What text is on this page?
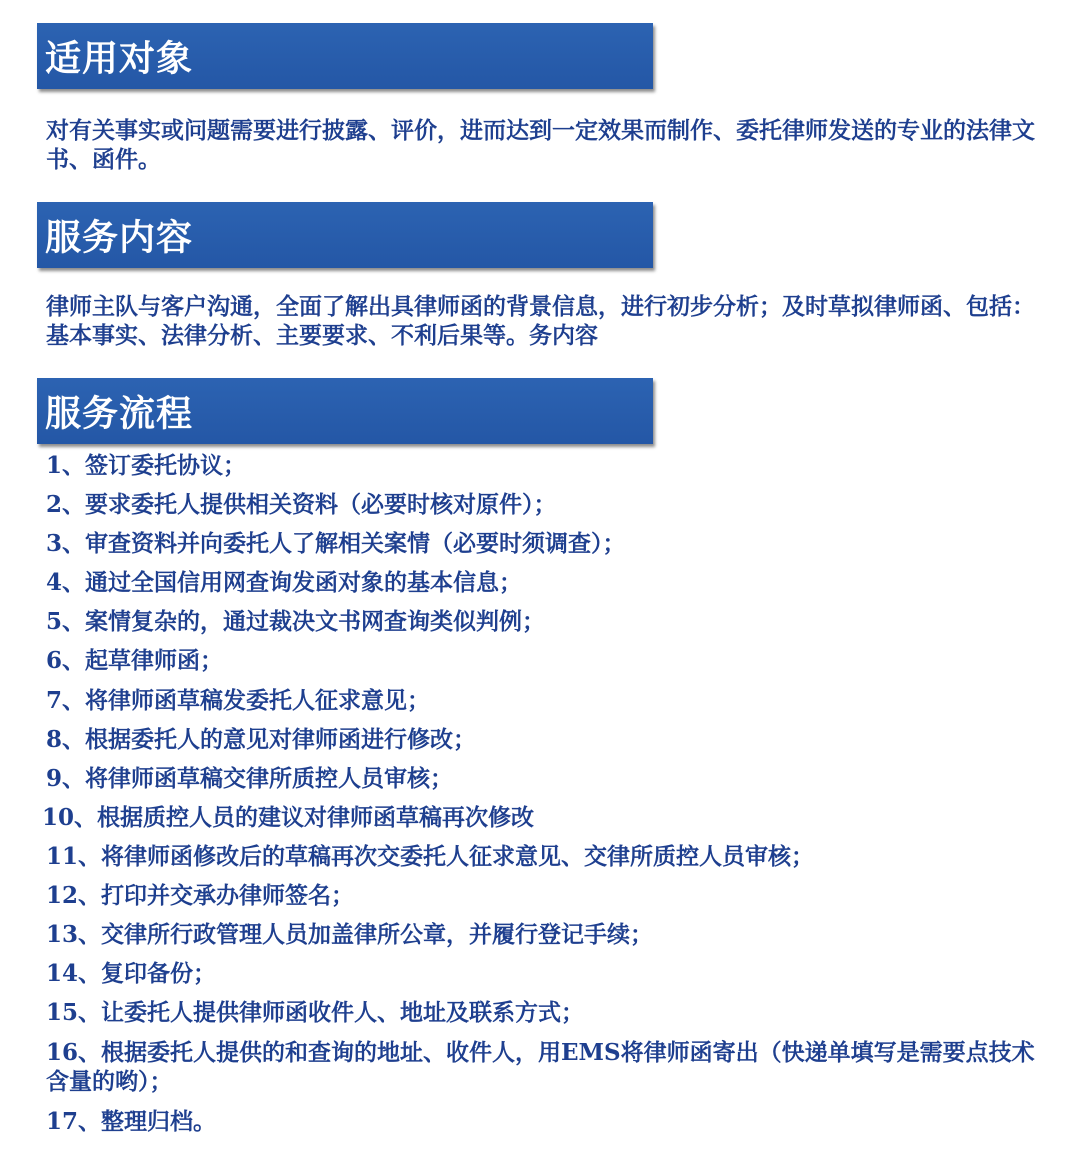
适用对象

对有关事实或问题需要进行披露、评价，进而达到一定效果而制作、委托律师发送的专业的法律文书、函件。

服务内容

律师主队与客户沟通，全面了解出具律师函的背景信息，进行初步分析；及时草拟律师函、包括：基本事实、法律分析、主要要求、不利后果等。务内容

服务流程
1、签订委托协议；
2、要求委托人提供相关资料（必要时核对原件）；
3、审查资料并向委托人了解相关案情（必要时须调查）；
4、通过全国信用网查询发函对象的基本信息；
5、案情复杂的，通过裁决文书网查询类似判例；
6、起草律师函；
7、将律师函草稿发委托人征求意见；
8、根据委托人的意见对律师函进行修改；
9、将律师函草稿交律所质控人员审核；
10、根据质控人员的建议对律师函草稿再次修改
11、将律师函修改后的草稿再次交委托人征求意见、交律所质控人员审核；
12、打印并交承办律师签名；
13、交律所行政管理人员加盖律所公章，并履行登记手续；
14、复印备份；
15、让委托人提供律师函收件人、地址及联系方式；
16、根据委托人提供的和查询的地址、收件人，用EMS将律师函寄出（快递单填写是需要点技术含量的哟）；
17、整理归档。
